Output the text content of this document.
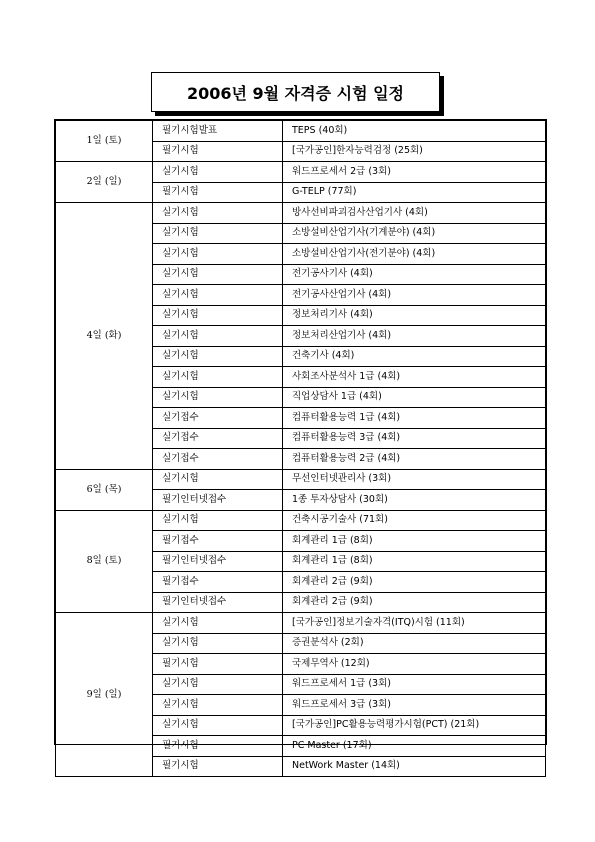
2006년 9월 자격증 시험 일정
1일 (토)	필기시험발표	TEPS (40회)
	필기시험	[국가공인]한자능력검정 (25회)
2일 (일)	실기시험	워드프로세서 2급 (3회)
	필기시험	G-TELP (77회)
4일 (화)	실기시험	방사선비파괴검사산업기사 (4회)
	실기시험	소방설비산업기사(기계분야) (4회)
	실기시험	소방설비산업기사(전기분야) (4회)
	실기시험	전기공사기사 (4회)
	실기시험	전기공사산업기사 (4회)
	실기시험	정보처리기사 (4회)
	실기시험	정보처리산업기사 (4회)
	실기시험	건축기사 (4회)
	실기시험	사회조사분석사 1급 (4회)
	실기시험	직업상담사 1급 (4회)
	실기접수	컴퓨터활용능력 1급 (4회)
	실기접수	컴퓨터활용능력 3급 (4회)
	실기접수	컴퓨터활용능력 2급 (4회)
6일 (목)	실기시험	무선인터넷관리사 (3회)
	필기인터넷접수	1종 투자상담사 (30회)
8일 (토)	실기시험	건축시공기술사 (71회)
	필기접수	회계관리 1급 (8회)
	필기인터넷접수	회계관리 1급 (8회)
	필기접수	회계관리 2급 (9회)
	필기인터넷접수	회계관리 2급 (9회)
9일 (일)	실기시험	[국가공인]정보기술자격(ITQ)시험 (11회)
	실기시험	증권분석사 (2회)
	필기시험	국제무역사 (12회)
	실기시험	워드프로세서 1급 (3회)
	실기시험	워드프로세서 3급 (3회)
	실기시험	[국가공인]PC활용능력평가시험(PCT) (21회)
	필기시험	PC Master (17회)
	필기시험	NetWork Master (14회)
